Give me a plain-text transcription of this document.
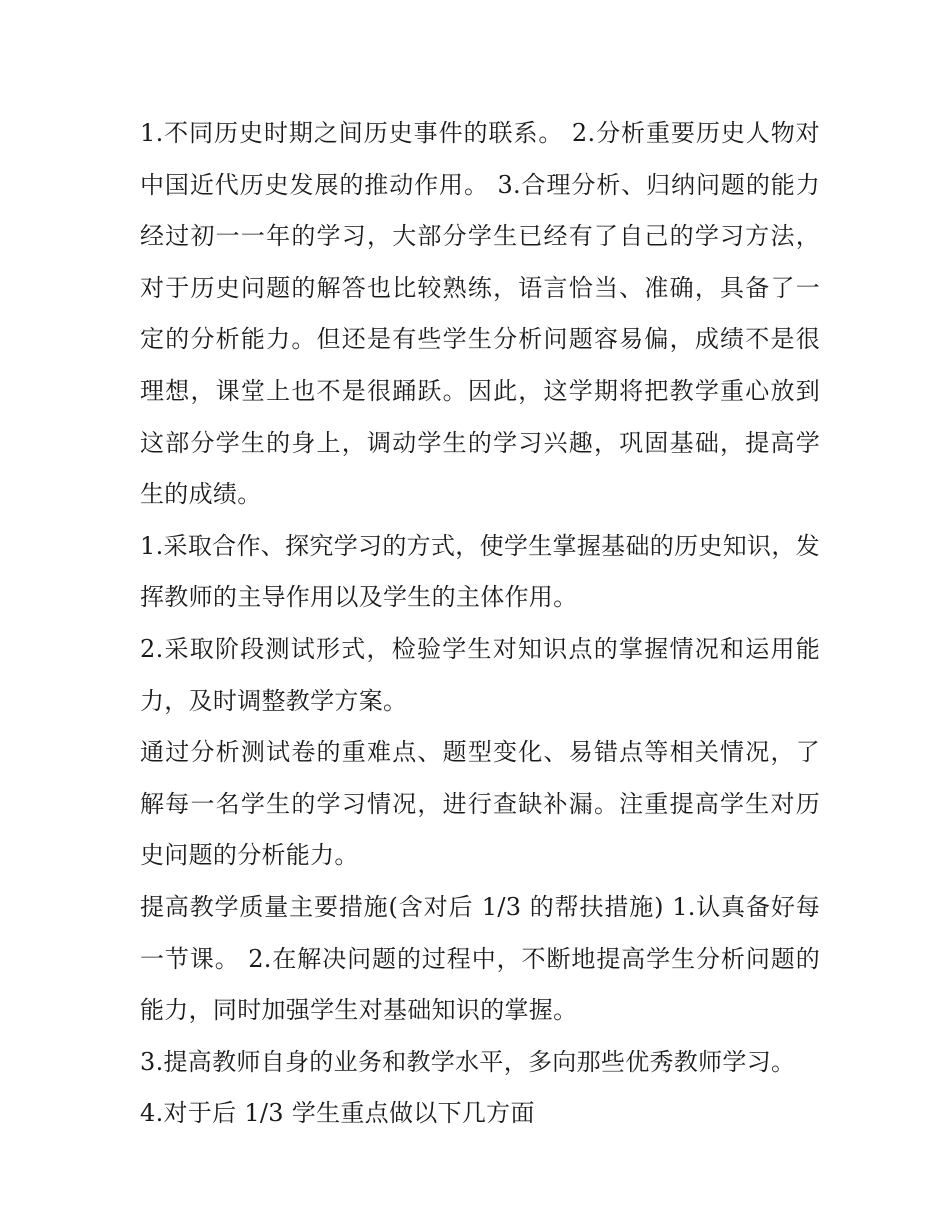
1.不同历史时期之间历史事件的联系。 2.分析重要历史人物对中国近代历史发展的推动作用。 3.合理分析、归纳问题的能力经过初一一年的学习，大部分学生已经有了自己的学习方法，对于历史问题的解答也比较熟练，语言恰当、准确，具备了一定的分析能力。但还是有些学生分析问题容易偏，成绩不是很理想，课堂上也不是很踊跃。因此，这学期将把教学重心放到这部分学生的身上，调动学生的学习兴趣，巩固基础，提高学生的成绩。

1.采取合作、探究学习的方式，使学生掌握基础的历史知识，发挥教师的主导作用以及学生的主体作用。

2.采取阶段测试形式，检验学生对知识点的掌握情况和运用能力，及时调整教学方案。

通过分析测试卷的重难点、题型变化、易错点等相关情况，了解每一名学生的学习情况，进行查缺补漏。注重提高学生对历史问题的分析能力。

提高教学质量主要措施(含对后 1/3 的帮扶措施) 1.认真备好每一节课。 2.在解决问题的过程中，不断地提高学生分析问题的能力，同时加强学生对基础知识的掌握。

3.提高教师自身的业务和教学水平，多向那些优秀教师学习。

4.对于后 1/3 学生重点做以下几方面
